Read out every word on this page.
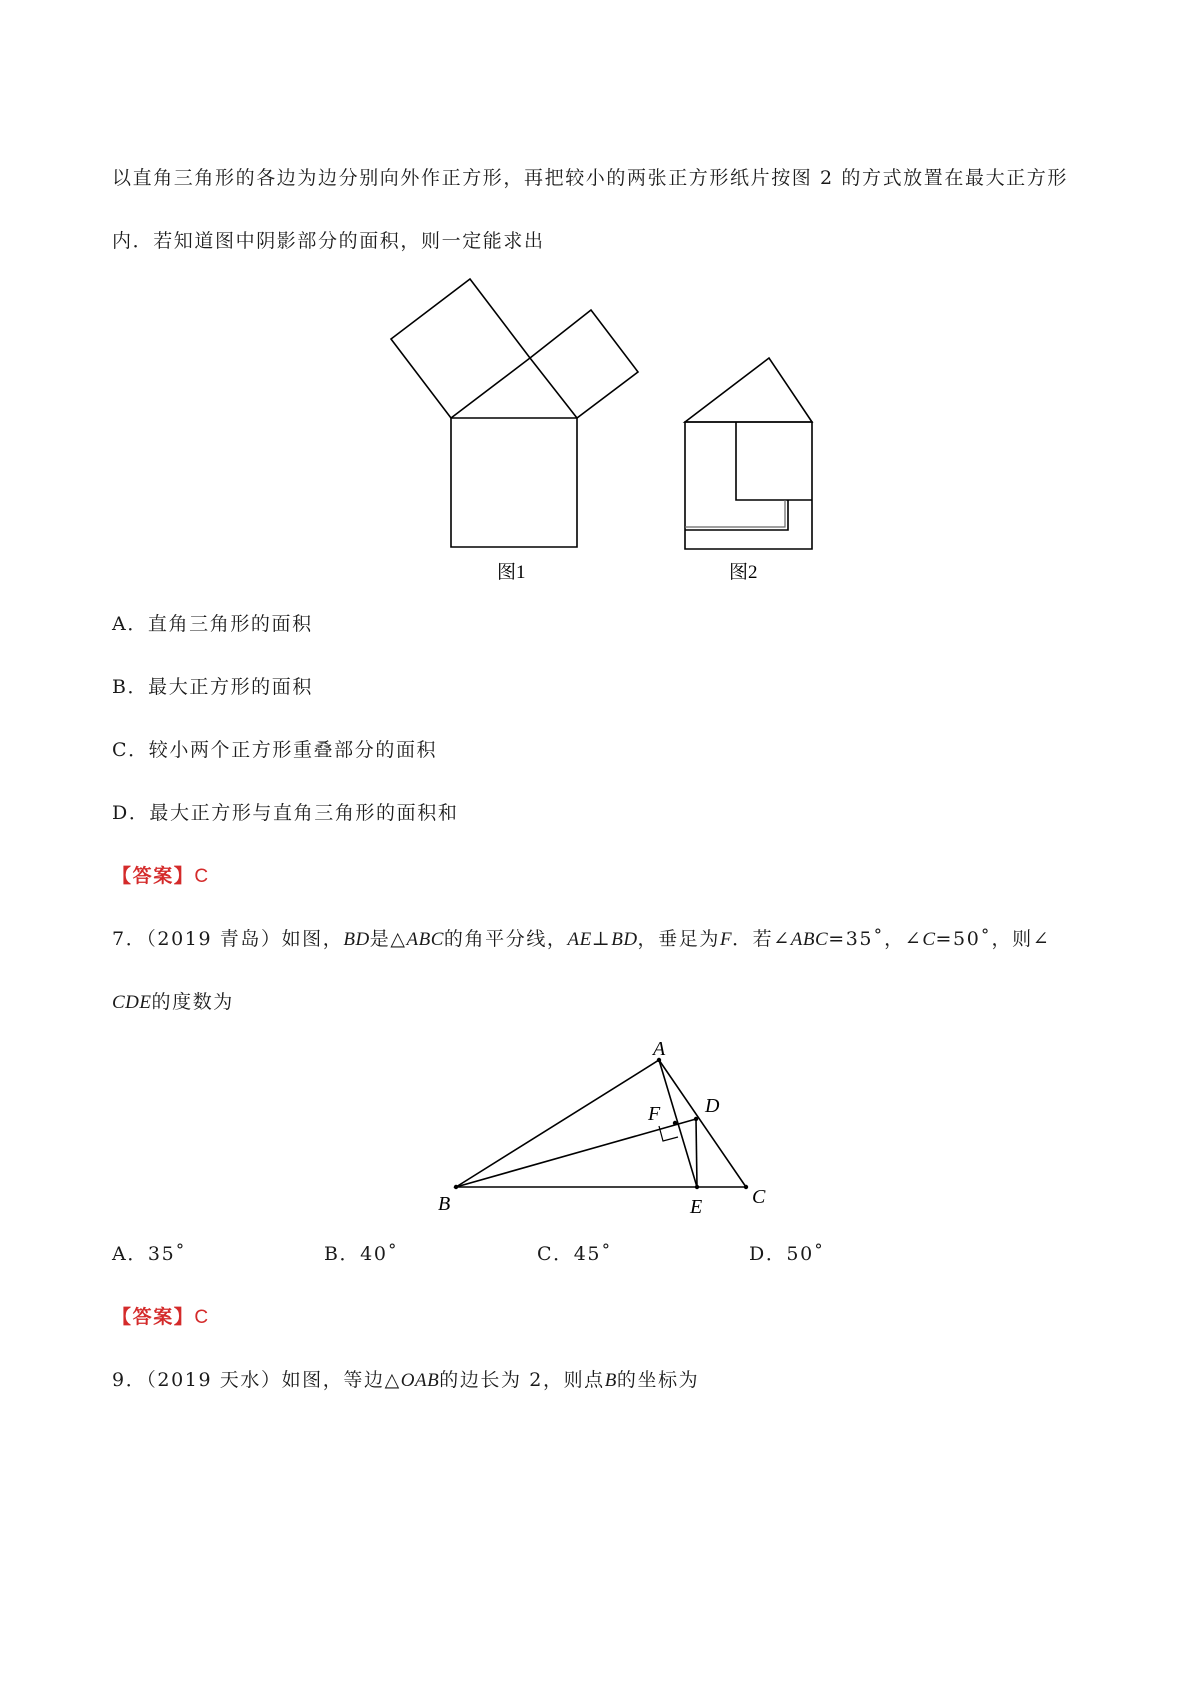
以直角三角形的各边为边分别向外作正方形，再把较小的两张正方形纸片按图 2 的方式放置在最大正方形
内．若知道图中阴影部分的面积，则一定能求出
图1	图2
A．直角三角形的面积
B．最大正方形的面积
C．较小两个正方形重叠部分的面积
D．最大正方形与直角三角形的面积和
【答案】C
7．（2019 青岛）如图，BD是△ABC的角平分线，AE⊥BD，垂足为F．若∠ABC=35˚，∠C=50˚，则∠
CDE的度数为
A
B	C
D
E
F
A．35˚	B．40˚	C．45˚	D．50˚
【答案】C
9．（2019 天水）如图，等边△OAB的边长为 2，则点B的坐标为
